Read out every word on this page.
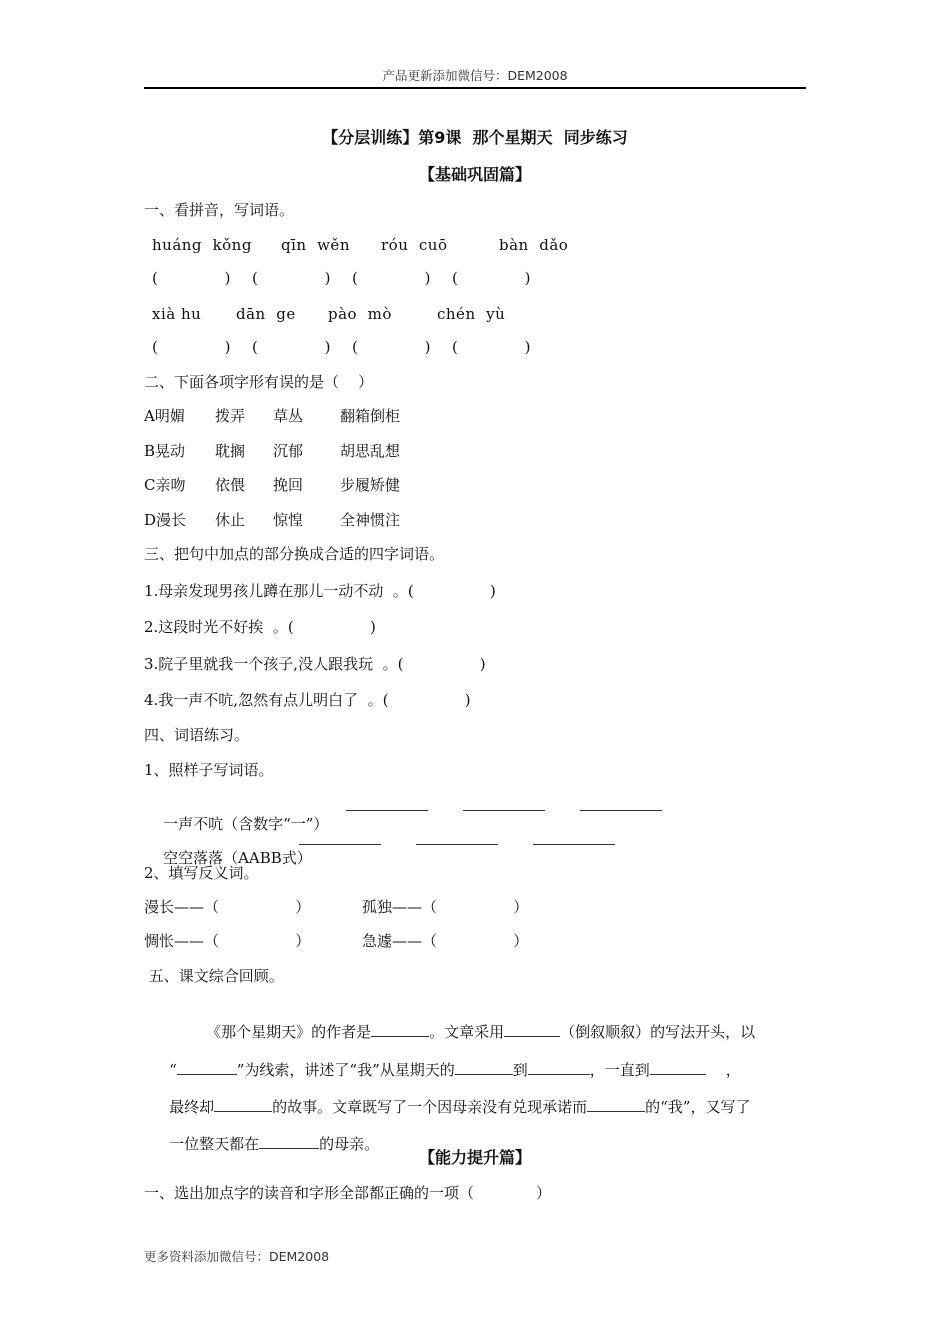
产品更新添加微信号：DEM2008
【分层训练】第9课  那个星期天  同步练习
【基础巩固篇】
一、看拼音，写词语。
huáng  kǒng qīn  wěn róu  cuō	bàn  dǎo
(              ) (              ) (              ) (              )
xià hu dān  ge pào  mò	chén  yù
(              ) (              ) (              ) (              )
二、下面各项字形有误的是（    ）
A明媚 拨弄 草丛 翻箱倒柜
B晃动 耽搁 沉郁 胡思乱想
C亲吻 依偎 挽回 步履矫健
D漫长 休止 惊惶 全神惯注
三、把句中加点的部分换成合适的四字词语。
1.母亲发现男孩儿蹲在那儿一动不动  。(                )
2.这段时光不好挨  。(                )
3.院子里就我一个孩子,没人跟我玩  。(                )
4.我一声不吭,忽然有点儿明白了  。(                )
四、词语练习。
1、照样子写词语。

一声不吭（含数字“一”）

空空落落（AABB式）

2、填写反义词。
漫长——（                ）	孤独——（                ）
惆怅——（                ）	急遽——（                ）
五、课文综合回顾。

《那个星期天》的作者是	。文章采用	（倒叙顺叙）的写法开头，以

“	”为线索，讲述了“我”从星期天的	到	，一直到	，

最终却	的故事。文章既写了一个因母亲没有兑现承诺而	的“我”，又写了

一位整天都在	的母亲。

【能力提升篇】
一、选出加点字的读音和字形全部都正确的一项（             ）
更多资料添加微信号：DEM2008
